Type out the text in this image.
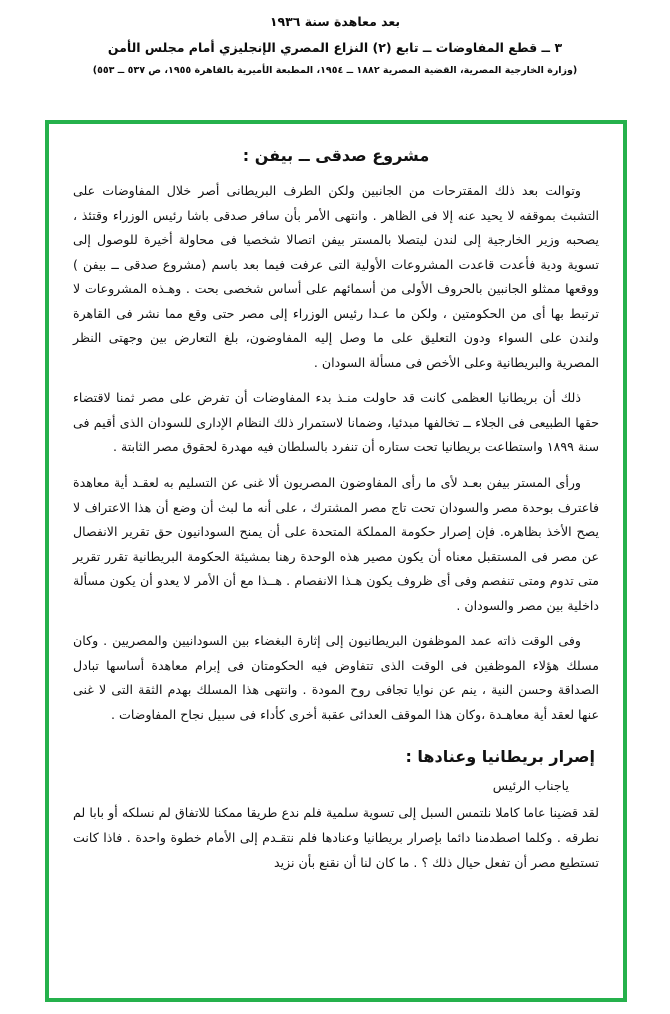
بعد معاهدة سنة ١٩٣٦
٣ ــ قطع المفاوضات ــ تابع (٢) النزاع المصري الإنجليزي أمام مجلس الأمن
(وزارة الخارجية المصرية، القضية المصرية ١٨٨٢ ــ ١٩٥٤، المطبعة الأميرية بالقاهرة ١٩٥٥، ص ٥٣٧ ــ ٥٥٣)
مشروع صدقى ــ بيفن :

وتوالت بعد ذلك المقترحات من الجانبين ولكن الطرف البريطانى أصر خلال المفاوضات على التشبث بموقفه لا يحيد عنه إلا فى الظاهر . وانتهى الأمر بأن سافر صدقى باشا رئيس الوزراء وقتئذ ، يصحبه وزير الخارجية إلى لندن ليتصلا بالمستر بيفن اتصالا شخصيا فى محاولة أخيرة للوصول إلى تسوية ودية فأعدت قاعدت المشروعات الأولية التى عرفت فيما بعد باسم (مشروع صدقى ــ بيفن ) ووقعها ممثلو الجانبين بالحروف الأولى من أسمائهم على أساس شخصى بحت . وهـذه المشروعات لا ترتبط بها أى من الحكومتين ، ولكن ما عـدا رئيس الوزراء إلى مصر حتى وقع مما نشر فى القاهرة ولندن على السواء ودون التعليق على ما وصل إليه المفاوضون، بلغ التعارض بين وجهتى النظر المصرية والبريطانية وعلى الأخص فى مسألة السودان .

ذلك أن بريطانيا العظمى كانت قد حاولت منـذ بدء المفاوضات أن تفرض على مصر ثمنا لاقتضاء حقها الطبيعى فى الجلاء ــ تخالفها مبدئيا، وضمانا لاستمرار ذلك النظام الإدارى للسودان الذى أقيم فى سنة ١٨٩٩ واستطاعت بريطانيا تحت ستاره أن تنفرد بالسلطان فيه مهدرة لحقوق مصر الثابتة .

ورأى المستر بيفن بعـد لأى ما رأى المفاوضون المصريون ألا غنى عن التسليم به لعقـد أية معاهدة فاعترف بوحدة مصر والسودان تحت تاج مصر المشترك ، على أنه ما لبث أن وضع أن هذا الاعتراف لا يصح الأخذ بظاهره. فإن إصرار حكومة المملكة المتحدة على أن يمنح السودانيون حق تقرير الانفصال عن مصر فى المستقبل معناه أن يكون مصير هذه الوحدة رهنا بمشيئة الحكومة البريطانية تقرر تقرير متى تدوم ومتى تنفصم وفى أى ظروف يكون هـذا الانفصام . هــذا مع أن الأمر لا يعدو أن يكون مسألة داخلية بين مصر والسودان .

وفى الوقت ذاته عمد الموظفون البريطانيون إلى إثارة البغضاء بين السودانيين والمصريين . وكان مسلك هؤلاء الموظفين فى الوقت الذى تتفاوض فيه الحكومتان فى إبرام معاهدة أساسها تبادل الصداقة وحسن النية ، ينم عن نوايا تجافى روح المودة . وانتهى هذا المسلك بهدم الثقة التى لا غنى عنها لعقد أية معاهـدة ،وكان هذا الموقف العدائى عقبة أخرى كأداء فى سبيل نجاح المفاوضات .

إصرار بريطانيا وعنادها :

ياجناب الرئيس

لقد قضينا عاما كاملا نلتمس السبل إلى تسوية سلمية فلم ندع طريقا ممكنا للاتفاق لم نسلكه أو بابا لم نطرقه . وكلما اصطدمنا دائما بإصرار بريطانيا وعنادها فلم نتقـدم إلى الأمام خطوة واحدة . فاذا كانت تستطيع مصر أن تفعل حيال ذلك ؟ . ما كان لنا أن نقنع بأن نزيد
